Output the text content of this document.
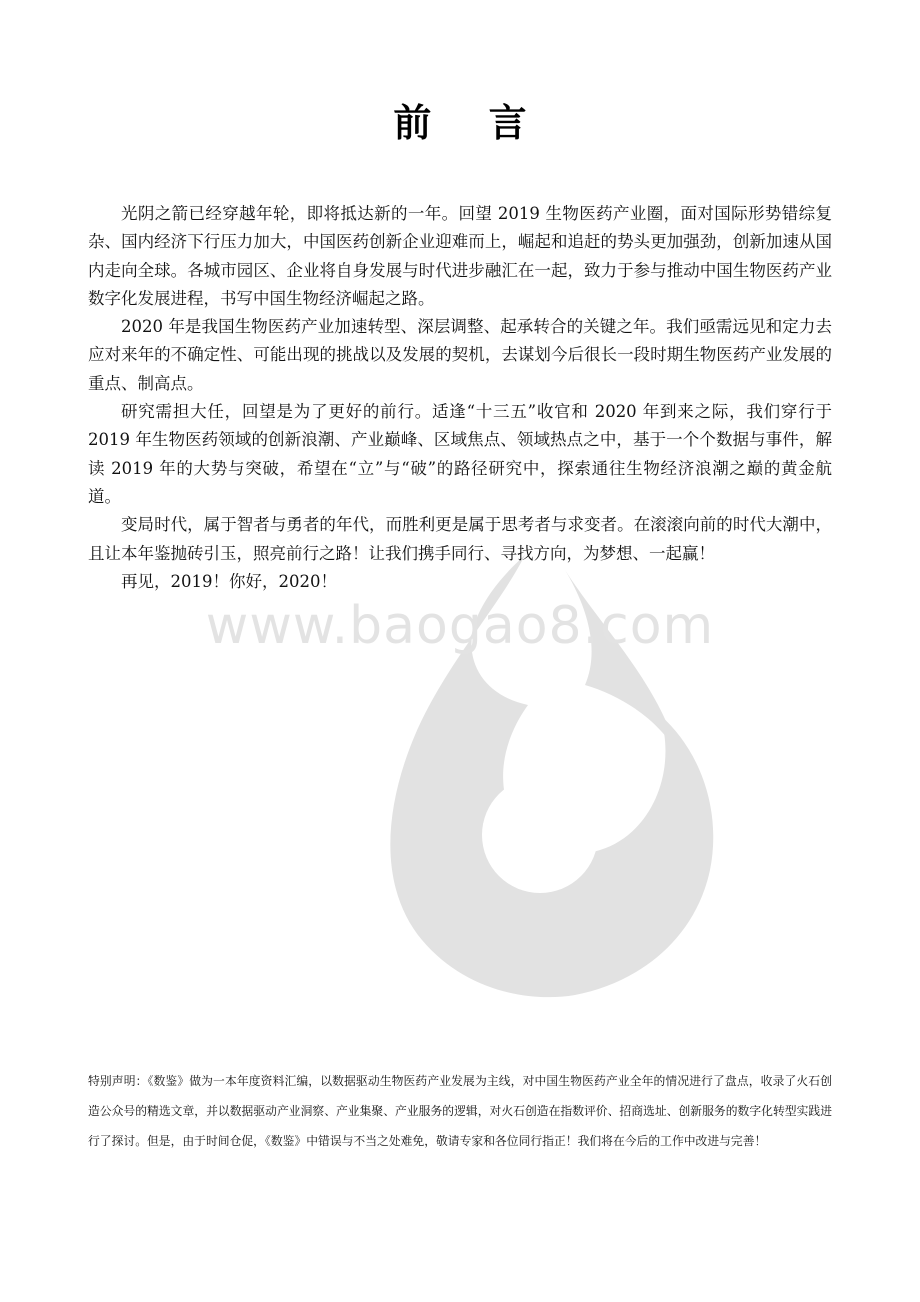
www.baogao8.com
前 言

光阴之箭已经穿越年轮，即将抵达新的一年。回望 2019 生物医药产业圈，面对国际形势错综复杂、国内经济下行压力加大，中国医药创新企业迎难而上，崛起和追赶的势头更加强劲，创新加速从国内走向全球。各城市园区、企业将自身发展与时代进步融汇在一起，致力于参与推动中国生物医药产业数字化发展进程，书写中国生物经济崛起之路。

2020 年是我国生物医药产业加速转型、深层调整、起承转合的关键之年。我们亟需远见和定力去应对来年的不确定性、可能出现的挑战以及发展的契机，去谋划今后很长一段时期生物医药产业发展的重点、制高点。

研究需担大任，回望是为了更好的前行。适逢“十三五”收官和 2020 年到来之际，我们穿行于 2019 年生物医药领域的创新浪潮、产业巅峰、区域焦点、领域热点之中，基于一个个数据与事件，解读 2019 年的大势与突破，希望在“立”与“破”的路径研究中，探索通往生物经济浪潮之巅的黄金航道。

变局时代，属于智者与勇者的年代，而胜利更是属于思考者与求变者。在滚滚向前的时代大潮中，且让本年鉴抛砖引玉，照亮前行之路！让我们携手同行、寻找方向，为梦想、一起赢！

再见，2019！你好，2020！

特别声明：《数鉴》做为一本年度资料汇编，以数据驱动生物医药产业发展为主线，对中国生物医药产业全年的情况进行了盘点，收录了火石创造公众号的精选文章，并以数据驱动产业洞察、产业集聚、产业服务的逻辑，对火石创造在指数评价、招商选址、创新服务的数字化转型实践进行了探讨。但是，由于时间仓促，《数鉴》中错误与不当之处难免，敬请专家和各位同行指正！我们将在今后的工作中改进与完善！
